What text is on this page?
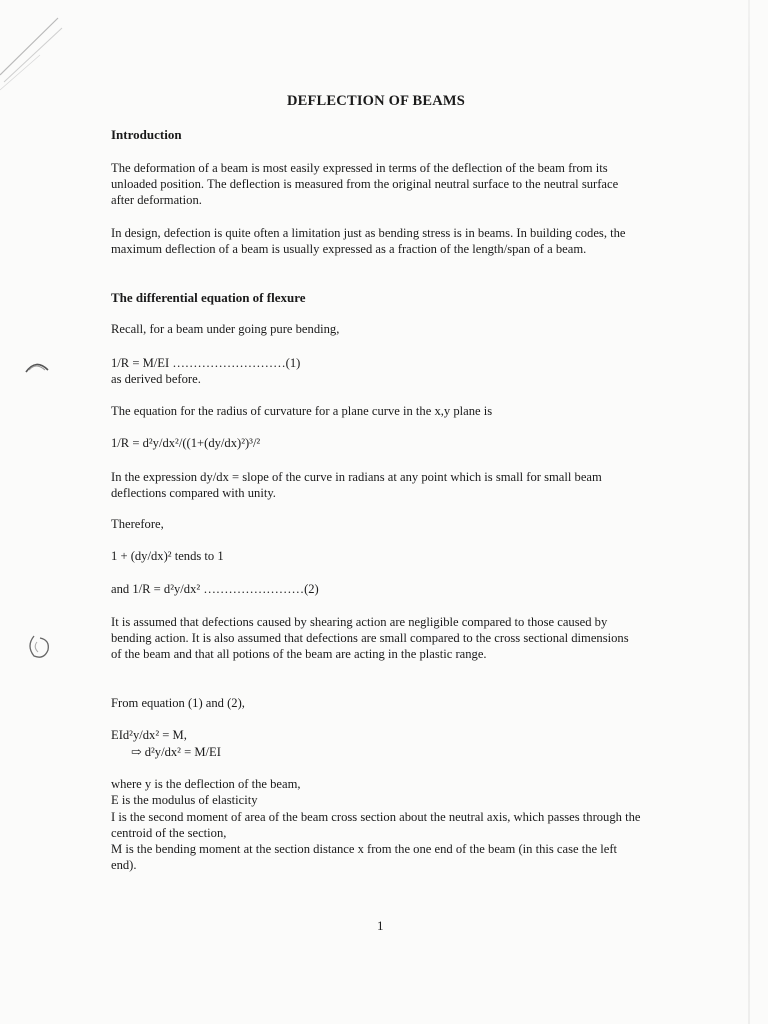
DEFLECTION OF BEAMS
Introduction
The deformation of a beam is most easily expressed in terms of the deflection of the beam from its unloaded position. The deflection is measured from the original neutral surface to the neutral surface after deformation.
In design, defection is quite often a limitation just as bending stress is in beams. In building codes, the maximum deflection of a beam is usually expressed as a fraction of the length/span of a beam.
The differential equation of flexure
Recall, for a beam under going pure bending,
1/R = M/EI ………………………(1)
as derived before.
The equation for the radius of curvature for a plane curve in the x,y plane is
1/R = d²y/dx²/((1+(dy/dx)²)³/²
In the expression dy/dx = slope of the curve in radians at any point which is small for small beam deflections compared with unity.
Therefore,
1 + (dy/dx)² tends to 1
and 1/R = d²y/dx² ……………………(2)
It is assumed that defections caused by shearing action are negligible compared to those caused by bending action. It is also assumed that defections are small compared to the cross sectional dimensions of the beam and that all potions of the beam are acting in the plastic range.
From equation (1) and (2),
EId²y/dx² = M,
⇨ d²y/dx² = M/EI
where y is the deflection of the beam,
E is the modulus of elasticity
I is the second moment of area of the beam cross section about the neutral axis, which passes through the centroid of the section,
M is the bending moment at the section distance x from the one end of the beam (in this case the left end).
1
